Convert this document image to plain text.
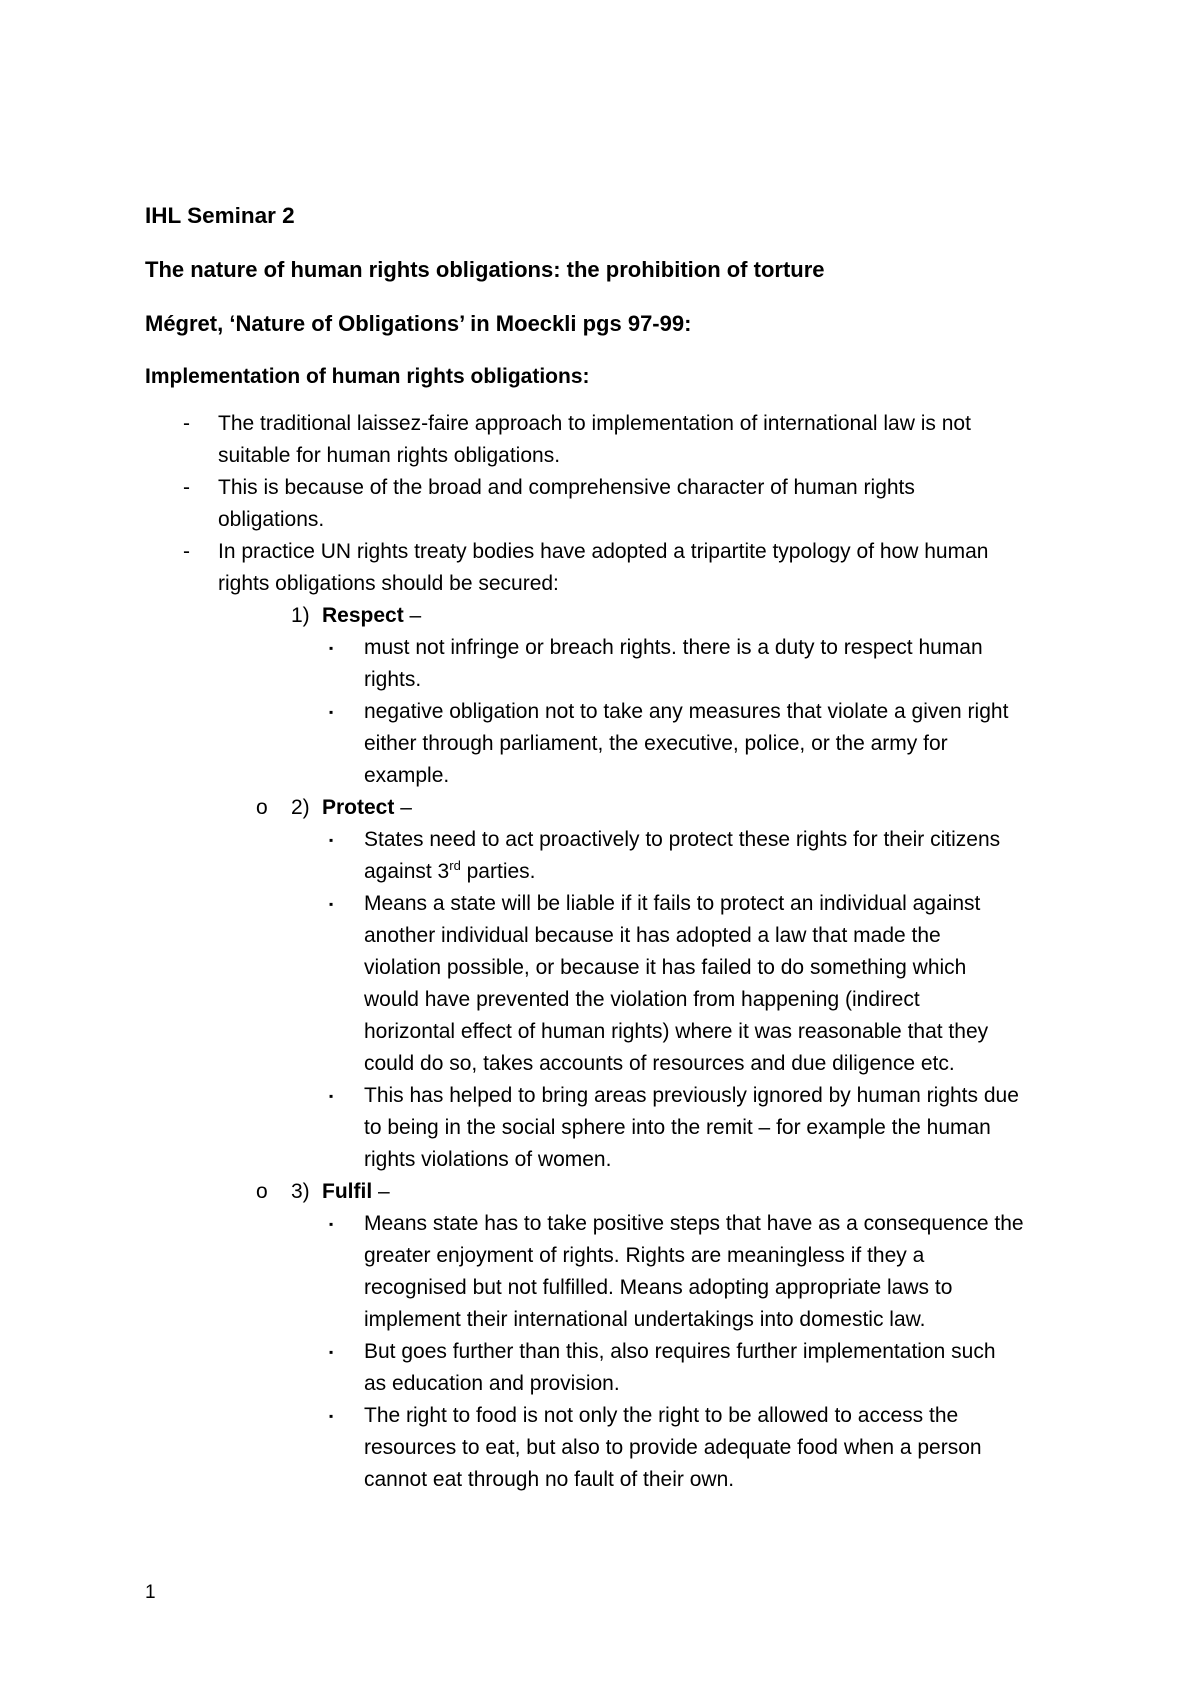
IHL Seminar 2
The nature of human rights obligations: the prohibition of torture
Mégret, ‘Nature of Obligations’ in Moeckli pgs 97-99:
Implementation of human rights obligations:
- The traditional laissez-faire approach to implementation of international law is not
suitable for human rights obligations.
- This is because of the broad and comprehensive character of human rights
obligations.
- In practice UN rights treaty bodies have adopted a tripartite typology of how human
rights obligations should be secured:
1) Respect –
▪ must not infringe or breach rights. there is a duty to respect human
rights.
▪ negative obligation not to take any measures that violate a given right
either through parliament, the executive, police, or the army for
example.
o 2) Protect –
▪ States need to act proactively to protect these rights for their citizens
against 3rd parties.
▪ Means a state will be liable if it fails to protect an individual against
another individual because it has adopted a law that made the
violation possible, or because it has failed to do something which
would have prevented the violation from happening (indirect
horizontal effect of human rights) where it was reasonable that they
could do so, takes accounts of resources and due diligence etc.
▪ This has helped to bring areas previously ignored by human rights due
to being in the social sphere into the remit – for example the human
rights violations of women.
o 3) Fulfil –
▪ Means state has to take positive steps that have as a consequence the
greater enjoyment of rights. Rights are meaningless if they a
recognised but not fulfilled. Means adopting appropriate laws to
implement their international undertakings into domestic law.
▪ But goes further than this, also requires further implementation such
as education and provision.
▪ The right to food is not only the right to be allowed to access the
resources to eat, but also to provide adequate food when a person
cannot eat through no fault of their own.
1
